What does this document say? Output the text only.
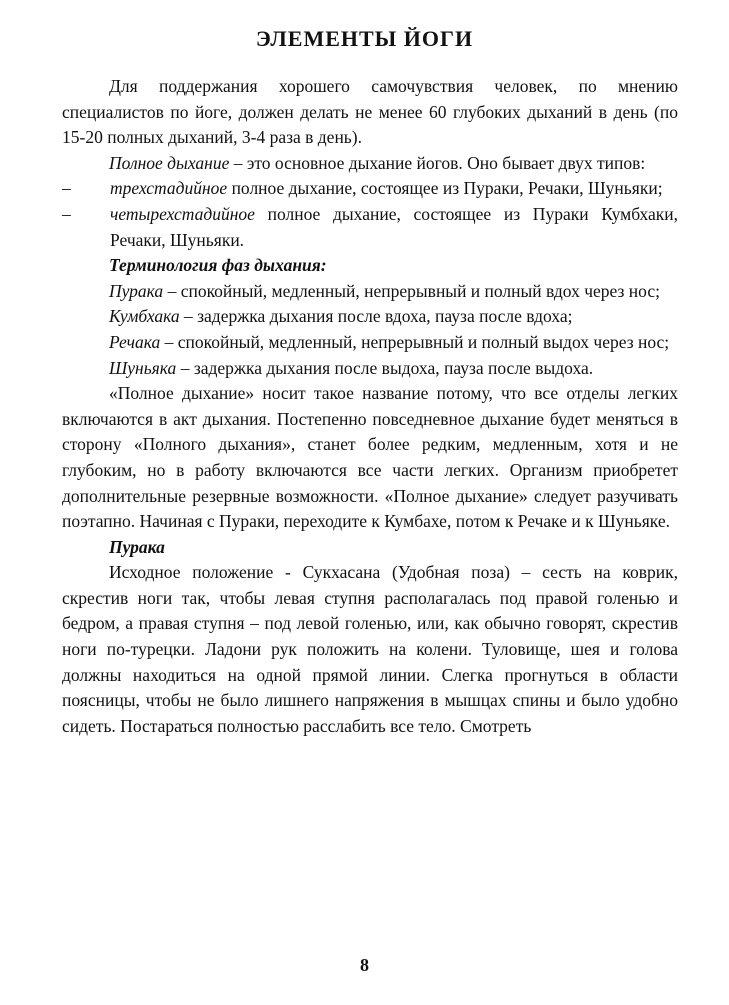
ЭЛЕМЕНТЫ ЙОГИ

Для поддержания хорошего самочувствия человек, по мнению специалистов по йоге, должен делать не менее 60 глубоких дыханий в день (по 15-20 полных дыханий, 3-4 раза в день).

Полное дыхание – это основное дыхание йогов. Оно бывает двух типов:

– трехстадийное полное дыхание, состоящее из Пураки, Речаки, Шуньяки;

– четырехстадийное полное дыхание, состоящее из Пураки Кумбхаки, Речаки, Шуньяки.

Терминология фаз дыхания:

Пурака – спокойный, медленный, непрерывный и полный вдох через нос;

Кумбхака – задержка дыхания после вдоха, пауза после вдоха;

Речака – спокойный, медленный, непрерывный и полный выдох через нос;

Шуньяка – задержка дыхания после выдоха, пауза после выдоха.

«Полное дыхание» носит такое название потому, что все отделы легких включаются в акт дыхания. Постепенно повседневное дыхание будет меняться в сторону «Полного дыхания», станет более редким, медленным, хотя и не глубоким, но в работу включаются все части легких. Организм приобретет дополнительные резервные возможности. «Полное дыхание» следует разучивать поэтапно. Начиная с Пураки, переходите к Кумбахе, потом к Речаке и к Шуньяке.

Пурака

Исходное положение - Сукхасана (Удобная поза) – сесть на коврик, скрестив ноги так, чтобы левая ступня располагалась под правой голенью и бедром, а правая ступня – под левой голенью, или, как обычно говорят, скрестив ноги по-турецки. Ладони рук положить на колени. Туловище, шея и голова должны находиться на одной прямой линии. Слегка прогнуться в области поясницы, чтобы не было лишнего напряжения в мышцах спины и было удобно сидеть. Постараться полностью расслабить все тело. Смотреть

8
